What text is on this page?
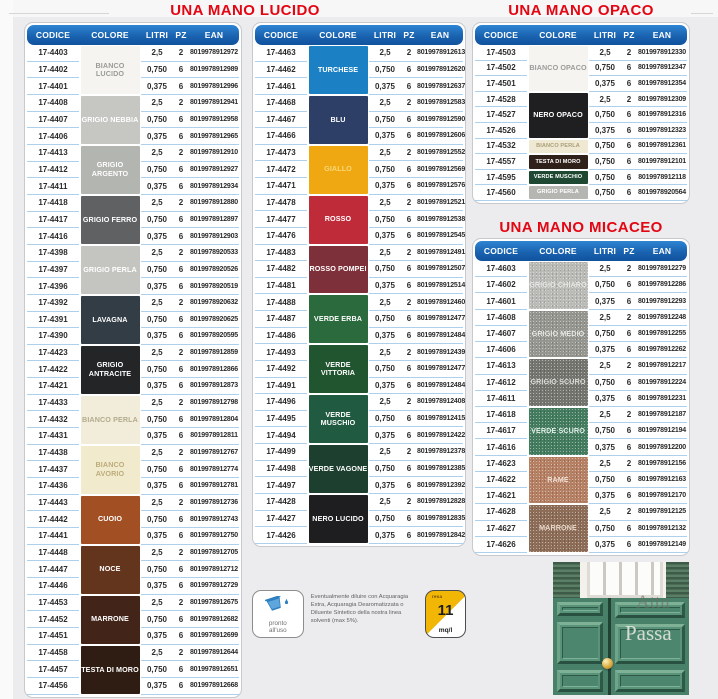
UNA MANO LUCIDO	UNA MANO OPACO
UNA MANO MICACEO
CODICE	COLORE	LITRI	PZ	EAN
17-4403	BIANCO LUCIDO	2,5	2	8019978912972
17-4402		0,750	6	8019978912989
17-4401		0,375	6	8019978912996
17-4408	GRIGIO NEBBIA	2,5	2	8019978912941
17-4407		0,750	6	8019978912958
17-4406		0,375	6	8019978912965
17-4413	GRIGIO ARGENTO	2,5	2	8019978912910
17-4412		0,750	6	8019978912927
17-4411		0,375	6	8019978912934
17-4418	GRIGIO FERRO	2,5	2	8019978912880
17-4417		0,750	6	8019978912897
17-4416		0,375	6	8019978912903
17-4398	GRIGIO PERLA	2,5	2	8019978920533
17-4397		0,750	6	8019978920526
17-4396		0,375	6	8019978920519
17-4392	LAVAGNA	2,5	2	8019978920632
17-4391		0,750	6	8019978920625
17-4390		0,375	6	8019978920595
17-4423	GRIGIO ANTRACITE	2,5	2	8019978912859
17-4422		0,750	6	8019978912866
17-4421		0,375	6	8019978912873
17-4433	BIANCO PERLA	2,5	2	8019978912798
17-4432		0,750	6	8019978912804
17-4431		0,375	6	8019978912811
17-4438	BIANCO AVORIO	2,5	2	8019978912767
17-4437		0,750	6	8019978912774
17-4436		0,375	6	8019978912781
17-4443	CUOIO	2,5	2	8019978912736
17-4442		0,750	6	8019978912743
17-4441		0,375	6	8019978912750
17-4448	NOCE	2,5	2	8019978912705
17-4447		0,750	6	8019978912712
17-4446		0,375	6	8019978912729
17-4453	MARRONE	2,5	2	8019978912675
17-4452		0,750	6	8019978912682
17-4451		0,375	6	8019978912699
17-4458	TESTA DI MORO	2,5	2	8019978912644
17-4457		0,750	6	8019978912651
17-4456		0,375	6	8019978912668
CODICE	COLORE	LITRI	PZ	EAN
17-4463	TURCHESE	2,5	2	8019978912613
17-4462		0,750	6	8019978912620
17-4461		0,375	6	8019978912637
17-4468	BLU	2,5	2	8019978912583
17-4467		0,750	6	8019978912590
17-4466		0,375	6	8019978912606
17-4473	GIALLO	2,5	2	8019978912552
17-4472		0,750	6	8019978912569
17-4471		0,375	6	8019978912576
17-4478	ROSSO	2,5	2	8019978912521
17-4477		0,750	6	8019978912538
17-4476		0,375	6	8019978912545
17-4483	ROSSO POMPEI	2,5	2	8019978912491
17-4482		0,750	6	8019978912507
17-4481		0,375	6	8019978912514
17-4488	VERDE ERBA	2,5	2	8019978912460
17-4487		0,750	6	8019978912477
17-4486		0,375	6	8019978912484
17-4493	VERDE VITTORIA	2,5	2	8019978912439
17-4492		0,750	6	8019978912477
17-4491		0,375	6	8019978912484
17-4496	VERDE MUSCHIO	2,5	2	8019978912408
17-4495		0,750	6	8019978912415
17-4494		0,375	6	8019978912422
17-4499	VERDE VAGONE	2,5	2	8019978912378
17-4498		0,750	6	8019978912385
17-4497		0,375	6	8019978912392
17-4428	NERO LUCIDO	2,5	2	8019978912828
17-4427		0,750	6	8019978912835
17-4426		0,375	6	8019978912842
CODICE	COLORE	LITRI	PZ	EAN
17-4503	BIANCO OPACO	2,5	2	8019978912330
17-4502		0,750	6	8019978912347
17-4501		0,375	6	8019978912354
17-4528	NERO OPACO	2,5	2	8019978912309
17-4527		0,750	6	8019978912316
17-4526		0,375	6	8019978912323
17-4532	BIANCO PERLA	0,750	6	8019978912361
17-4557	TESTA DI MORO	0,750	6	8019978912101
17-4595	VERDE MUSCHIO	0,750	6	8019978912118
17-4560	GRIGIO PERLA	0,750	6	8019978920564
CODICE	COLORE	LITRI	PZ	EAN
17-4603	GRIGIO CHIARO	2,5	2	8019978912279
17-4602		0,750	6	8019978912286
17-4601		0,375	6	8019978912293
17-4608	GRIGIO MEDIO	2,5	2	8019978912248
17-4607		0,750	6	8019978912255
17-4606		0,375	6	8019978912262
17-4613	GRIGIO SCURO	2,5	2	8019978912217
17-4612		0,750	6	8019978912224
17-4611		0,375	6	8019978912231
17-4618	VERDE SCURO	2,5	2	8019978912187
17-4617		0,750	6	8019978912194
17-4616		0,375	6	8019978912200
17-4623	RAME	2,5	2	8019978912156
17-4622		0,750	6	8019978912163
17-4621		0,375	6	8019978912170
17-4628	MARRONE	2,5	2	8019978912125
17-4627		0,750	6	8019978912132
17-4626		0,375	6	8019978912149
pronto all'uso
Eventualmente diluire con Acquaragia Extra, Acquaragia Dearomatizzata o Diluente Sintetico della nostra linea solventi (max 5%).
resa
11
mq/l
Attu
Passa
